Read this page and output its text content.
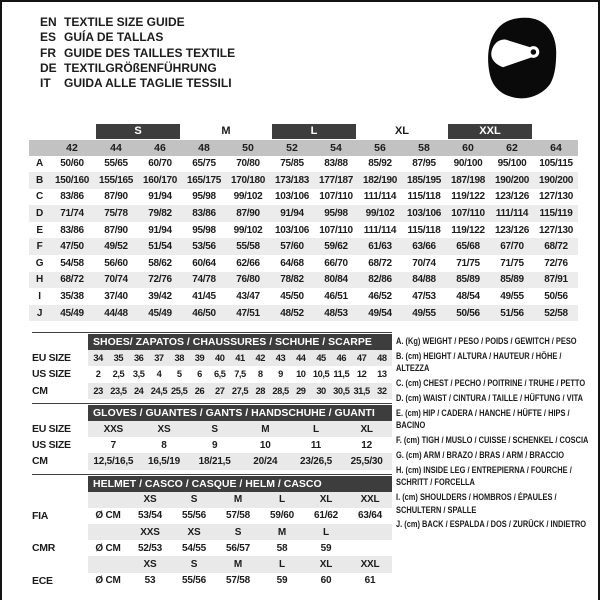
EN TEXTILE SIZE GUIDE
ES GUÍA DE TALLAS
FR GUIDE DES TAILLES TEXTILE
DE TEXTILGRÖßENFÜHRUNG
IT GUIDA ALLE TAGLIE TESSILI

		S		M		L		XL		XXL		

	42	44	46	48	50	52	54	56	58	60	62	64
A	50/60	55/65	60/70	65/75	70/80	75/85	83/88	85/92	87/95	90/100	95/100	105/115
B	150/160	155/165	160/170	165/175	170/180	173/183	177/187	182/190	185/195	187/198	190/200	190/200
C	83/86	87/90	91/94	95/98	99/102	103/106	107/110	111/114	115/118	119/122	123/126	127/130
D	71/74	75/78	79/82	83/86	87/90	91/94	95/98	99/102	103/106	107/110	111/114	115/119
E	83/86	87/90	91/94	95/98	99/102	103/106	107/110	111/114	115/118	119/122	123/126	127/130
F	47/50	49/52	51/54	53/56	55/58	57/60	59/62	61/63	63/66	65/68	67/70	68/72
G	54/58	56/60	58/62	60/64	62/66	64/68	66/70	68/72	70/74	71/75	71/75	72/76
H	68/72	70/74	72/76	74/78	76/80	78/82	80/84	82/86	84/88	85/89	85/89	87/91
I	35/38	37/40	39/42	41/45	43/47	45/50	46/51	46/52	47/53	48/54	49/55	50/56
J	45/49	44/48	45/49	46/50	47/51	48/52	48/53	49/54	49/55	50/56	51/56	52/58
	SHOES/ ZAPATOS / CHAUSSURES / SCHUHE / SCARPE														
EU SIZE	34	35	36	37	38	39	40	41	42	43	44	45	46	47	48
US SIZE	2	2,5	3,5	4	5	6	6,5	7,5	8	9	10	10,5	11,5	12	13
CM	23	23,5	24	24,5	25,5	26	27	27,5	28	28,5	29	30	30,5	31,5	32
	GLOVES / GUANTES / GANTS / HANDSCHUHE / GUANTI					
EU SIZE	XXS	XS	S	M	L	XL
US SIZE	7	8	9	10	11	12
CM	12,5/16,5	16,5/19	18/21,5	20/24	23/26,5	25,5/30
	HELMET / CASCO / CASQUE / HELM / CASCO						
		XS	S	M	L	XL	XXL
FIA	Ø CM	53/54	55/56	57/58	59/60	61/62	63/64
		XXS	XS	S	M	L	
CMR	Ø CM	52/53	54/55	56/57	58	59	
		XS	S	M	L	XL	XXL
ECE	Ø CM	53	55/56	57/58	59	60	61
A. (Kg) WEIGHT / PESO / POIDS / GEWITCH / PESO
B. (cm) HEIGHT / ALTURA / HAUTEUR / HÖHE / ALTEZZA
C. (cm) CHEST / PECHO / POITRINE / TRUHE / PETTO
D. (cm) WAIST / CINTURA / TAILLE / HÜFTUNG / VITA
E. (cm) HIP / CADERA / HANCHE / HÜFTE / HIPS / BACINO
F. (cm) TIGH / MUSLO / CUISSE / SCHENKEL / COSCIA
G. (cm) ARM / BRAZO / BRAS / ARM / BRACCIO
H. (cm) INSIDE LEG / ENTREPIERNA / FOURCHE / SCHRITT / FORCELLA
I. (cm) SHOULDERS / HOMBROS / ÉPAULES / SCHULTERN / SPALLE
J. (cm) BACK / ESPALDA / DOS / ZURÜCK / INDIETRO
